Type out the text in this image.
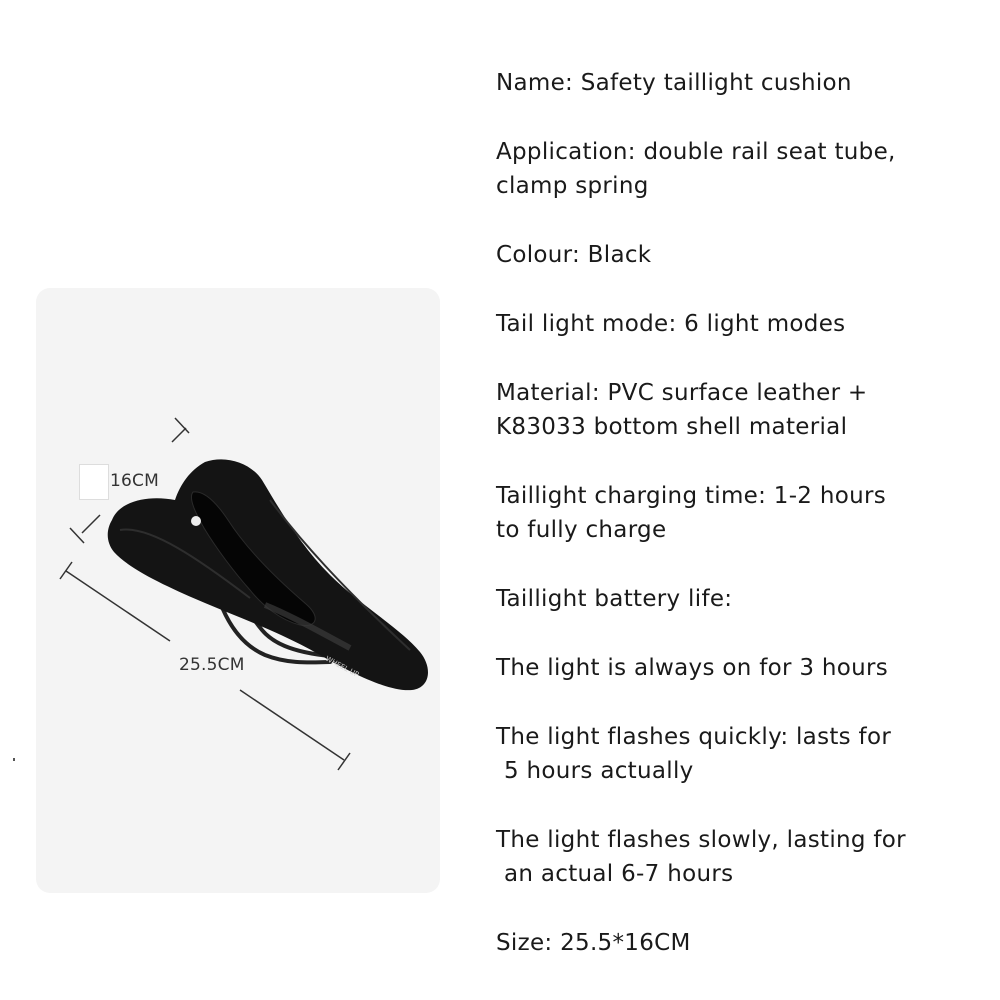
WHEEL UP
16CM
25.5CM
Name: Safety taillight cushion
Application: double rail seat tube,
clamp spring
Colour: Black
Tail light mode: 6 light modes
Material: PVC surface leather +
K83033 bottom shell material
Taillight charging time: 1-2 hours
to fully charge
Taillight battery life:
The light is always on for 3 hours
The light flashes quickly: lasts for
5 hours actually
The light flashes slowly, lasting for
an actual 6-7 hours
Size: 25.5*16CM
